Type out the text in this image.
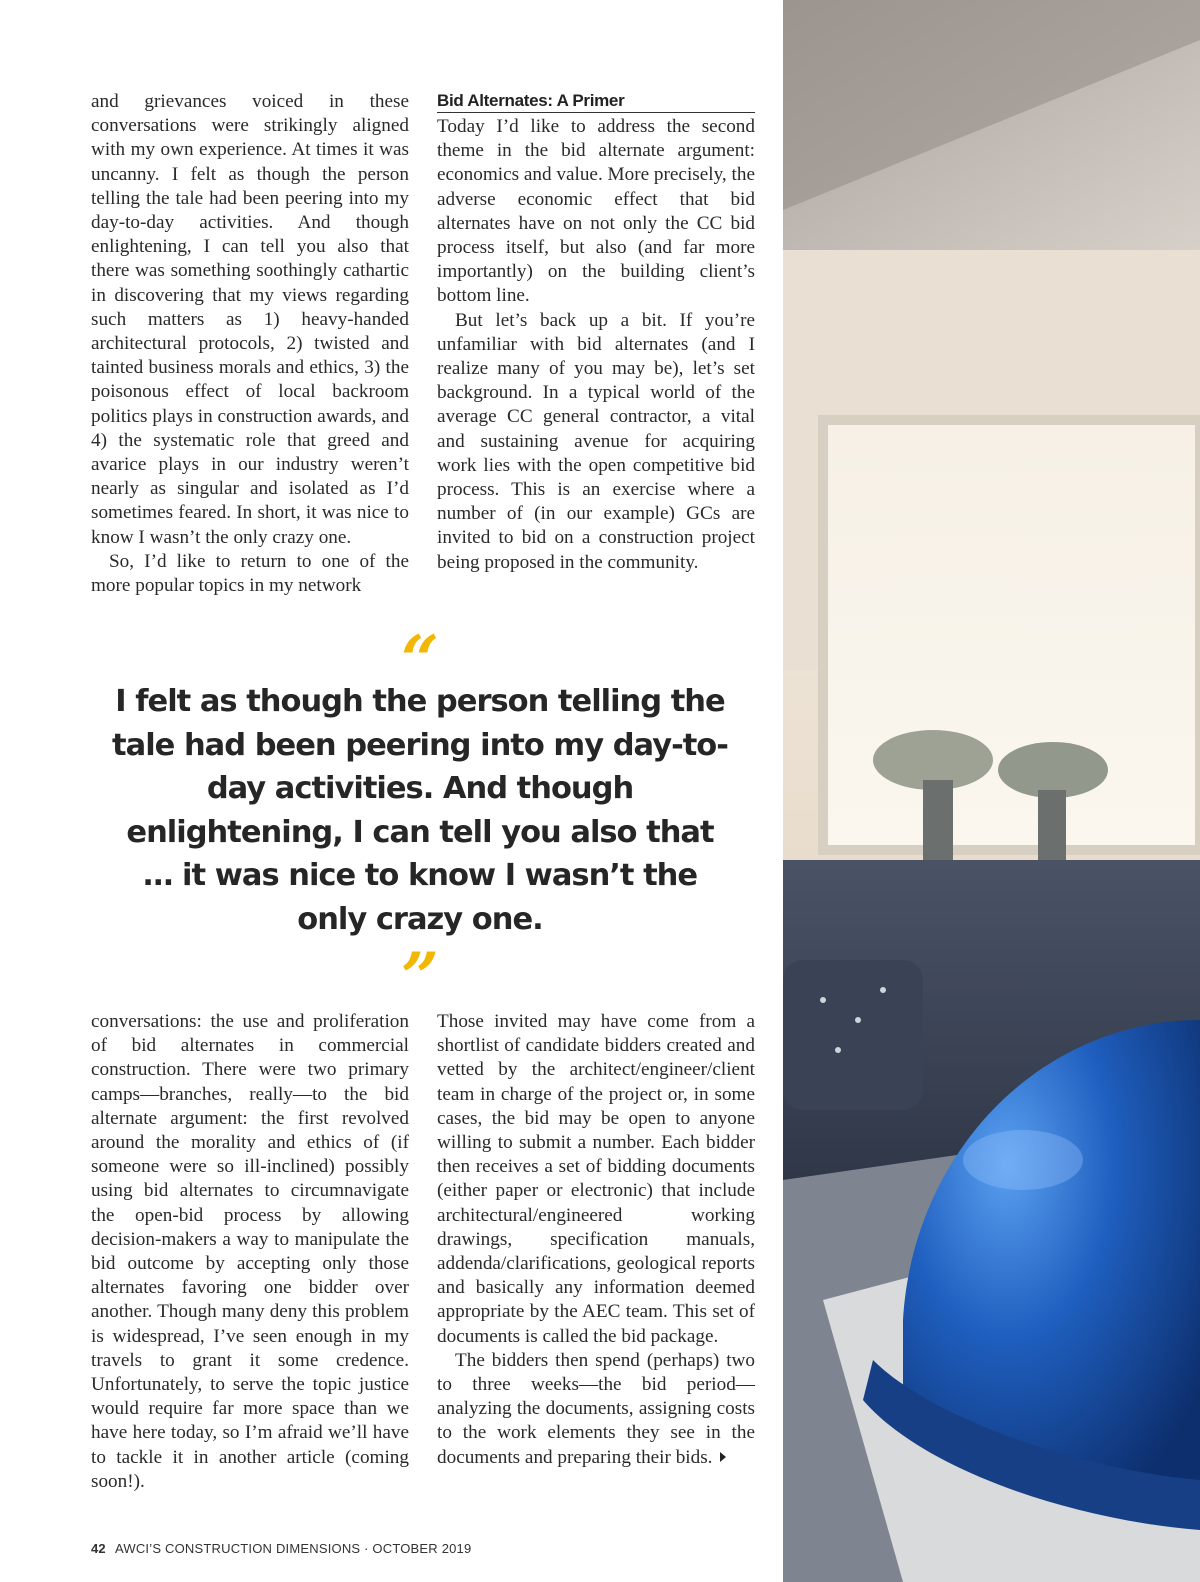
and grievances voiced in these conversations were strikingly aligned with my own experience. At times it was uncanny. I felt as though the person telling the tale had been peering into my day-to-day activities. And though enlightening, I can tell you also that there was something soothingly cathartic in discovering that my views regarding such matters as 1) heavy-handed architectural protocols, 2) twisted and tainted business morals and ethics, 3) the poisonous effect of local backroom politics plays in construction awards, and 4) the systematic role that greed and avarice plays in our industry weren’t nearly as singular and isolated as I’d sometimes feared. In short, it was nice to know I wasn’t the only crazy one.

So, I’d like to return to one of the more popular topics in my network

Bid Alternates: A Primer

Today I’d like to address the second theme in the bid alternate argument: economics and value. More precisely, the adverse economic effect that bid alternates have on not only the CC bid process itself, but also (and far more importantly) on the building client’s bottom line.

But let’s back up a bit. If you’re unfamiliar with bid alternates (and I realize many of you may be), let’s set background. In a typical world of the average CC general contractor, a vital and sustaining avenue for acquiring work lies with the open competitive bid process. This is an exercise where a number of (in our example) GCs are invited to bid on a construction project being proposed in the community.

“
I felt as though the person telling the tale had been peering into my day-to-day activities. And though enlightening, I can tell you also that … it was nice to know I wasn’t the only crazy one.
”

conversations: the use and proliferation of bid alternates in commercial construction. There were two primary camps—branches, really—to the bid alternate argument: the first revolved around the morality and ethics of (if someone were so ill-inclined) possibly using bid alternates to circumnavigate the open-bid process by allowing decision-makers a way to manipulate the bid outcome by accepting only those alternates favoring one bidder over another. Though many deny this problem is widespread, I’ve seen enough in my travels to grant it some credence. Unfortunately, to serve the topic justice would require far more space than we have here today, so I’m afraid we’ll have to tackle it in another article (coming soon!).

Those invited may have come from a shortlist of candidate bidders created and vetted by the architect/engineer/client team in charge of the project or, in some cases, the bid may be open to anyone willing to submit a number. Each bidder then receives a set of bidding documents (either paper or electronic) that include architectural/engineered working drawings, specification manuals, addenda/clarifications, geological reports and basically any information deemed appropriate by the AEC team. This set of documents is called the bid package.

The bidders then spend (perhaps) two to three weeks—the bid period—analyzing the documents, assigning costs to the work elements they see in the documents and preparing their bids.

42 AWCI’S CONSTRUCTION DIMENSIONS · OCTOBER 2019
